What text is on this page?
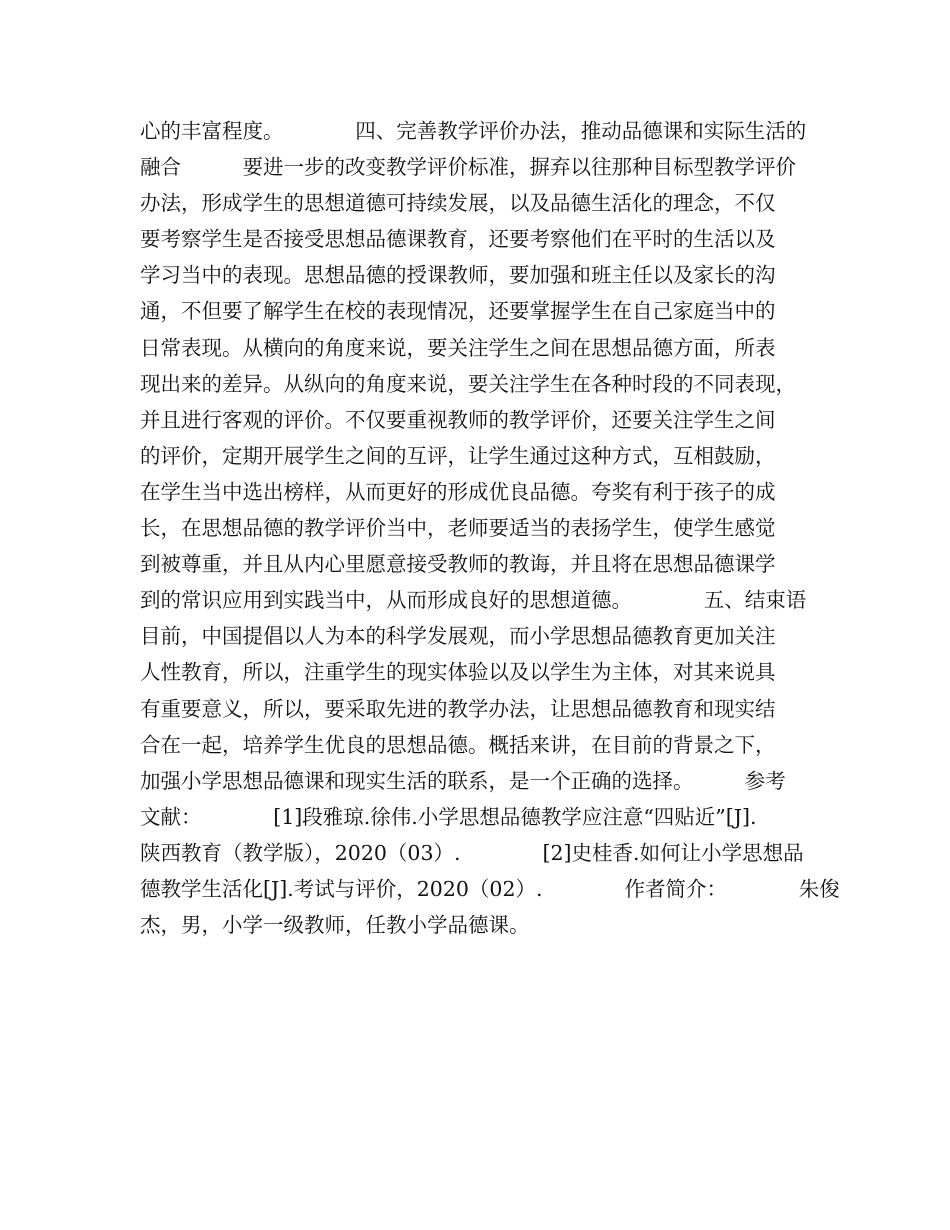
心的丰富程度。　　　　四、完善教学评价办法，推动品德课和实际生活的
融合　　　要进一步的改变教学评价标准，摒弃以往那种目标型教学评价
办法，形成学生的思想道德可持续发展，以及品德生活化的理念，不仅
要考察学生是否接受思想品德课教育，还要考察他们在平时的生活以及
学习当中的表现。思想品德的授课教师，要加强和班主任以及家长的沟
通，不但要了解学生在校的表现情况，还要掌握学生在自己家庭当中的
日常表现。从横向的角度来说，要关注学生之间在思想品德方面，所表
现出来的差异。从纵向的角度来说，要关注学生在各种时段的不同表现，
并且进行客观的评价。不仅要重视教师的教学评价，还要关注学生之间
的评价，定期开展学生之间的互评，让学生通过这种方式，互相鼓励，
在学生当中选出榜样，从而更好的形成优良品德。夸奖有利于孩子的成
长，在思想品德的教学评价当中，老师要适当的表扬学生，使学生感觉
到被尊重，并且从内心里愿意接受教师的教诲，并且将在思想品德课学
到的常识应用到实践当中，从而形成良好的思想道德。　　　　五、结束语
目前，中国提倡以人为本的科学发展观，而小学思想品德教育更加关注
人性教育，所以，注重学生的现实体验以及以学生为主体，对其来说具
有重要意义，所以，要采取先进的教学办法，让思想品德教育和现实结
合在一起，培养学生优良的思想品德。概括来讲，在目前的背景之下，
加强小学思想品德课和现实生活的联系，是一个正确的选择。　　　参考
文献：　　　　[1]段雅琼.徐伟.小学思想品德教学应注意“四贴近”[J].
陕西教育（教学版），2020（03）.　　　　[2]史桂香.如何让小学思想品
德教学生活化[J].考试与评价，2020（02）.　　　　作者简介：　　　　朱俊
杰，男，小学一级教师，任教小学品德课。
